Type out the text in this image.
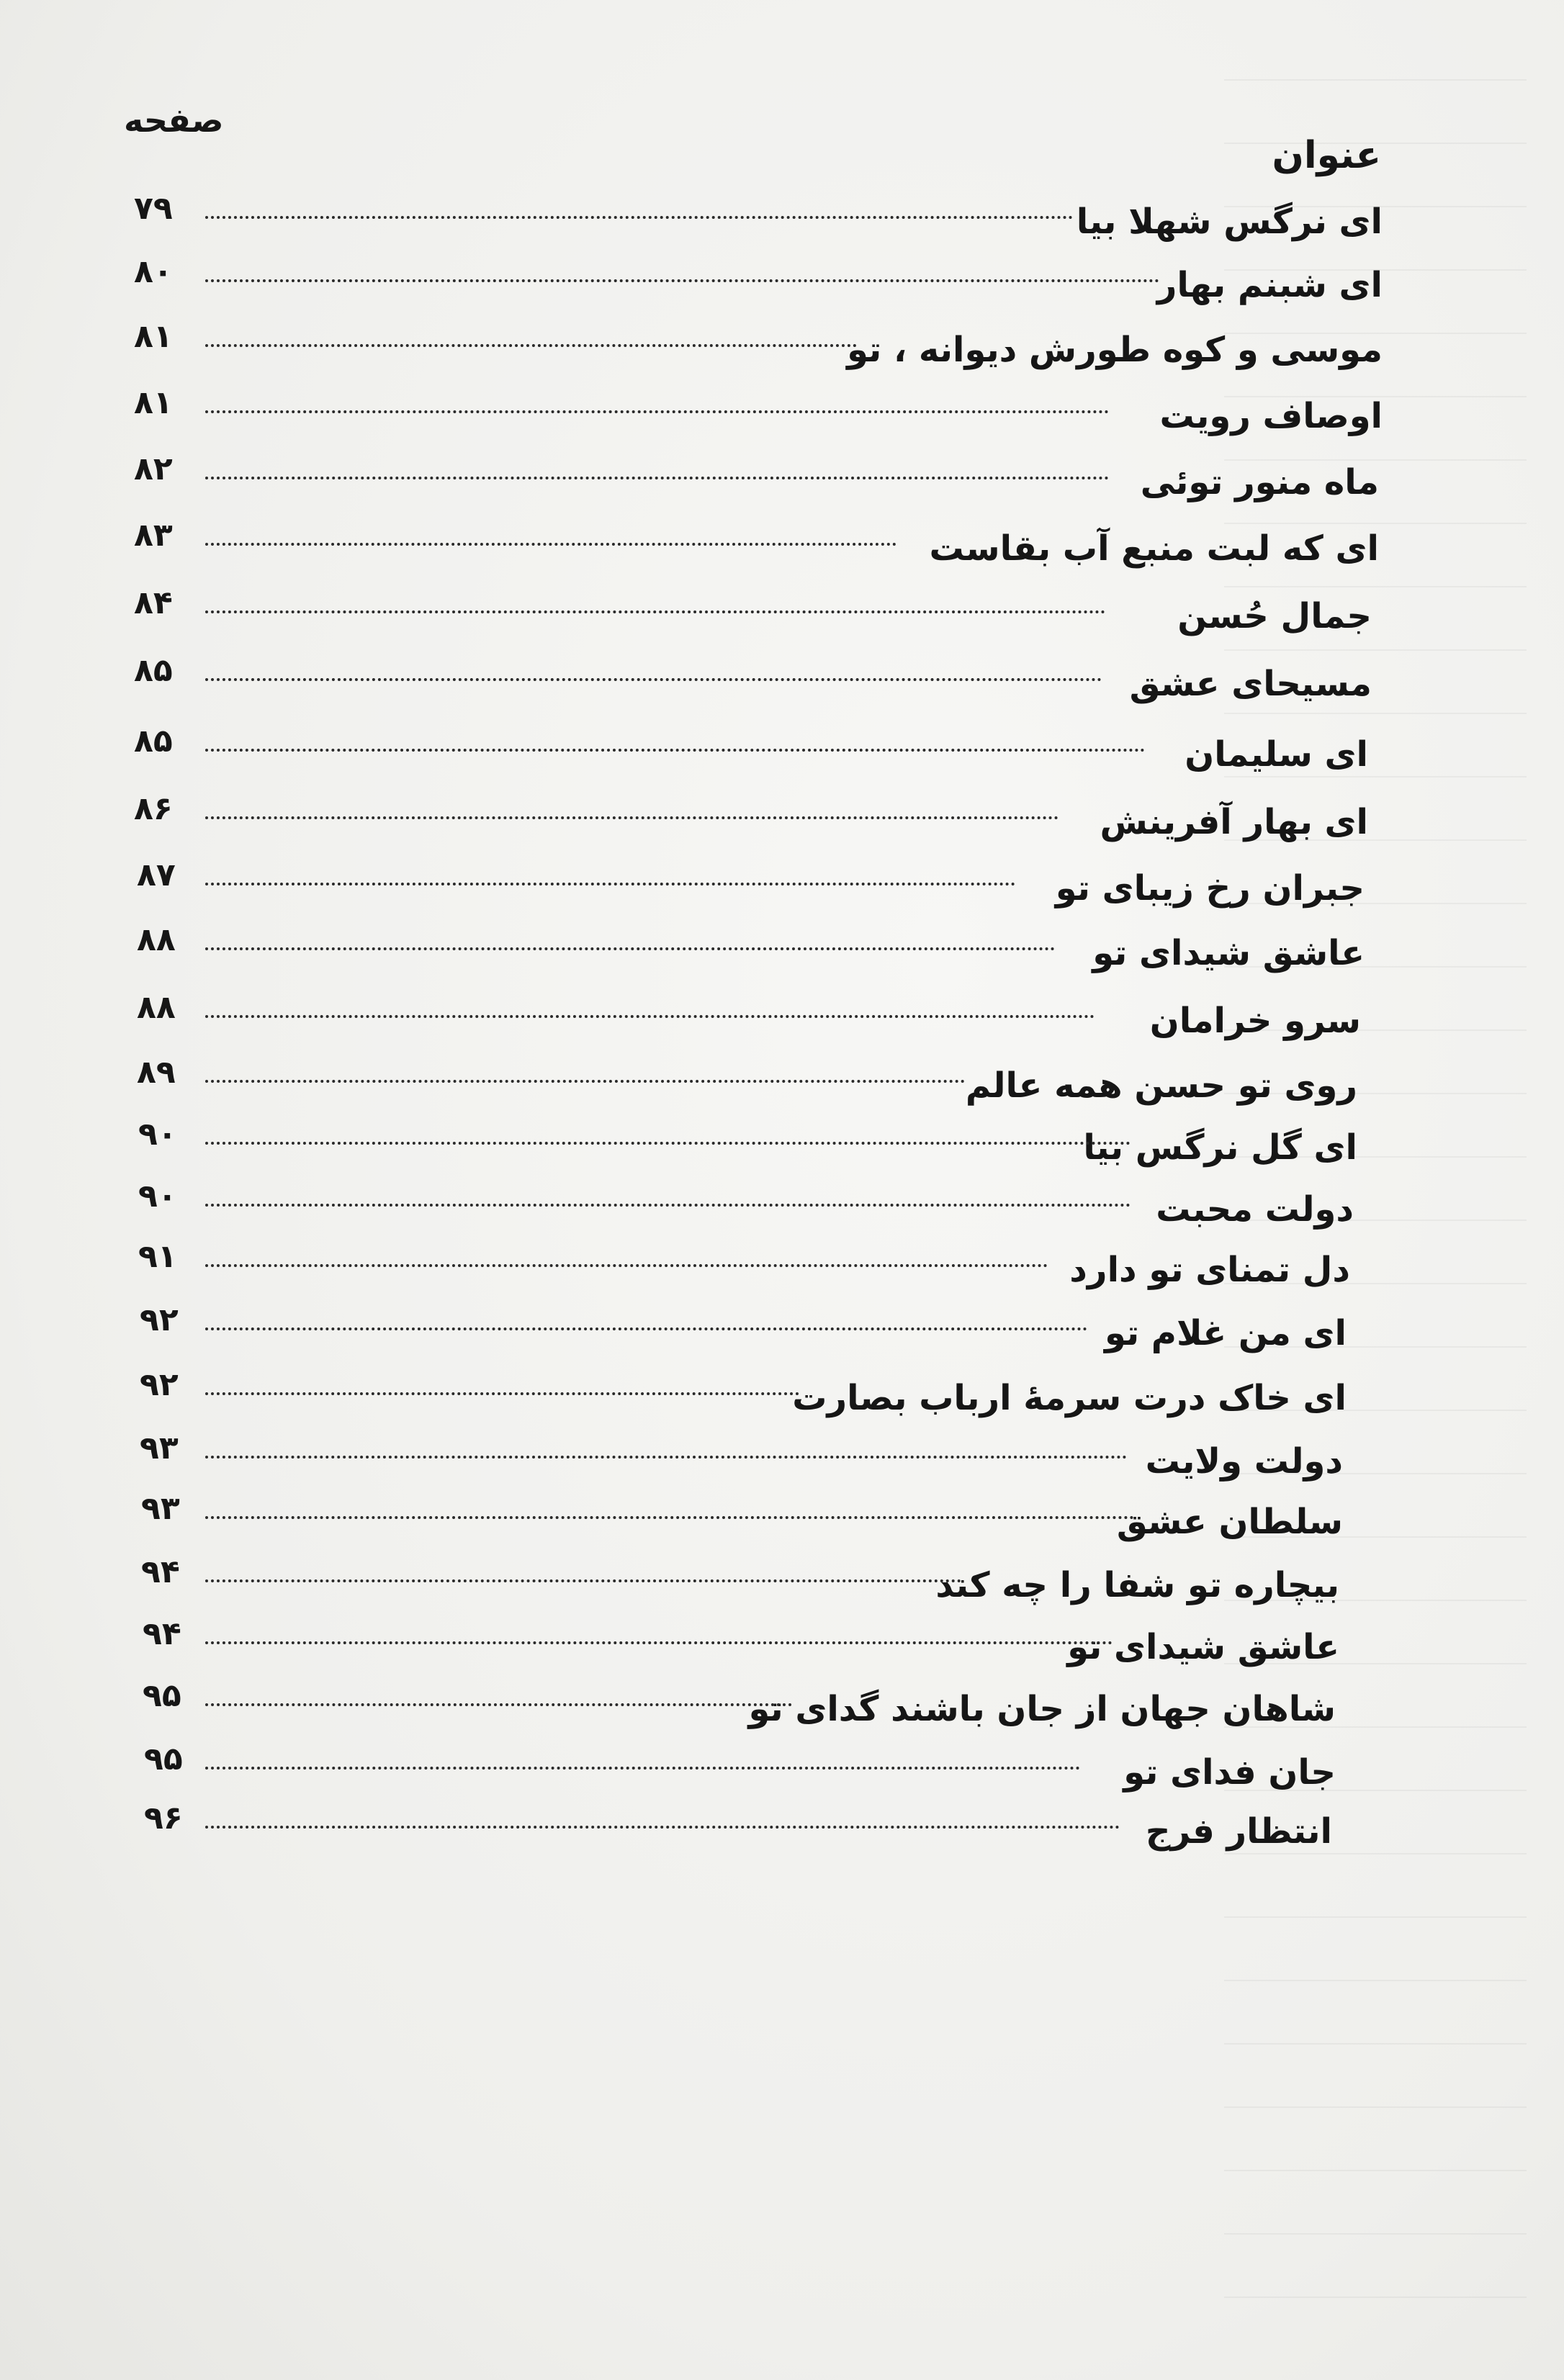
صفحه
عنوان
ای نرگس شهلا بیا
۷۹
ای شبنم بهار
۸۰
موسی و کوه طورش دیوانه ، تو
۸۱
اوصاف رویت
۸۱
ماه منور توئی
۸۲
ای که لبت منبع آب بقاست
۸۳
جمال حُسن
۸۴
مسیحای عشق
۸۵
ای سلیمان
۸۵
ای بهار آفرینش
۸۶
جبران رخ زیبای تو
۸۷
عاشق شیدای تو
۸۸
سرو خرامان
۸۸
روی تو حسن همه عالم
۸۹
ای گل نرگس بیا
۹۰
دولت محبت
۹۰
دل تمنای تو دارد
۹۱
ای من غلام تو
۹۲
ای خاک درت سرمهٔ ارباب بصارت
۹۲
دولت ولایت
۹۳
سلطان عشق
۹۳
بیچاره تو شفا را چه کند
۹۴
عاشق شیدای تو
۹۴
شاهان جهان از جان باشند گدای تو
۹۵
جان فدای تو
۹۵
انتظار فرج
۹۶
